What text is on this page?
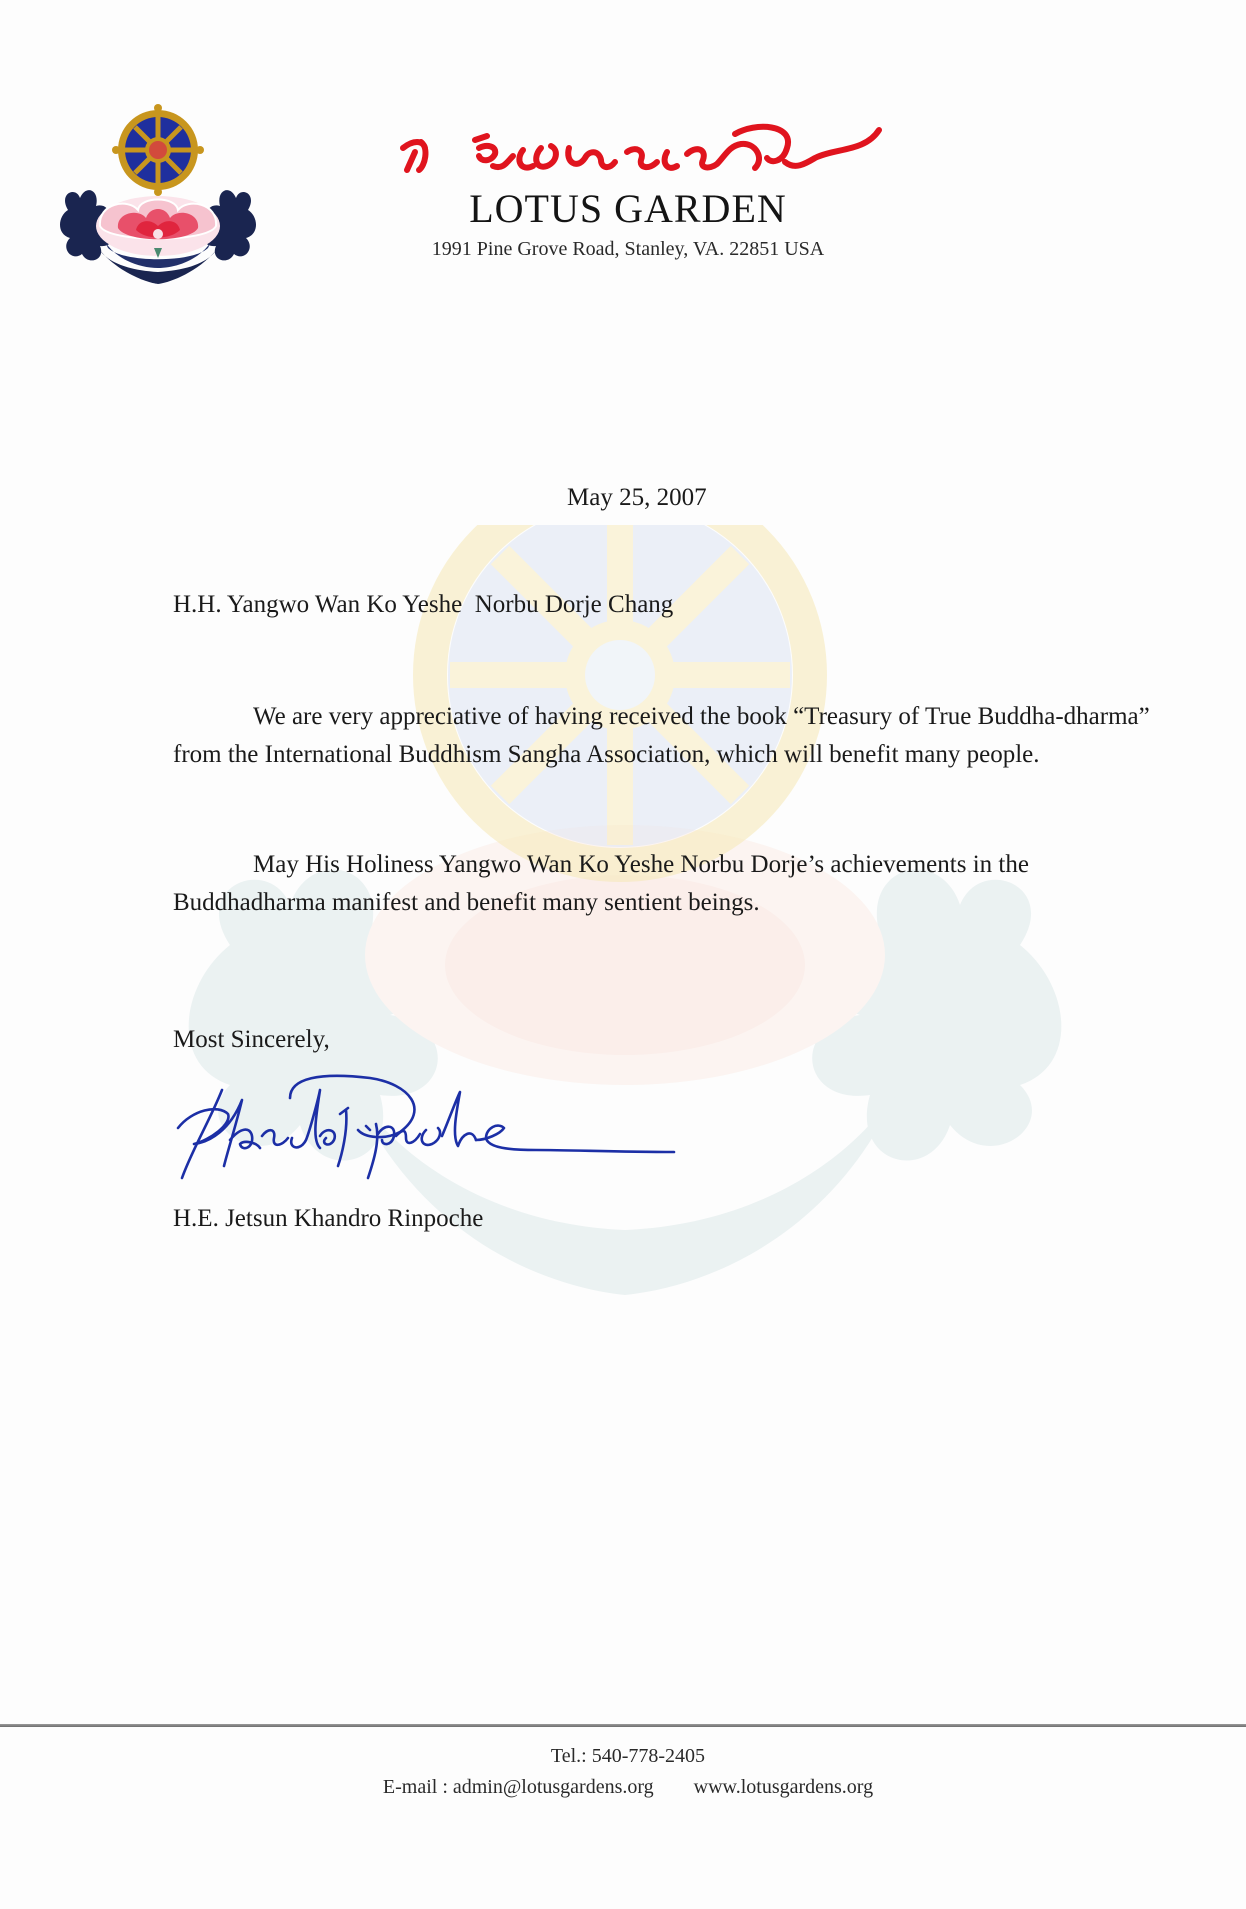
LOTUS GARDEN
1991 Pine Grove Road, Stanley, VA. 22851 USA
May 25, 2007
H.H. Yangwo Wan Ko Yeshe  Norbu Dorje Chang
We are very appreciative of having received the book “Treasury of True Buddha-dharma” from the International Buddhism Sangha Association, which will benefit many people.
May His Holiness Yangwo Wan Ko Yeshe Norbu Dorje’s achievements in the Buddhadharma manifest and benefit many sentient beings.
Most Sincerely,
H.E. Jetsun Khandro Rinpoche
Tel.: 540-778-2405
E-mail : admin@lotusgardens.org www.lotusgardens.org
